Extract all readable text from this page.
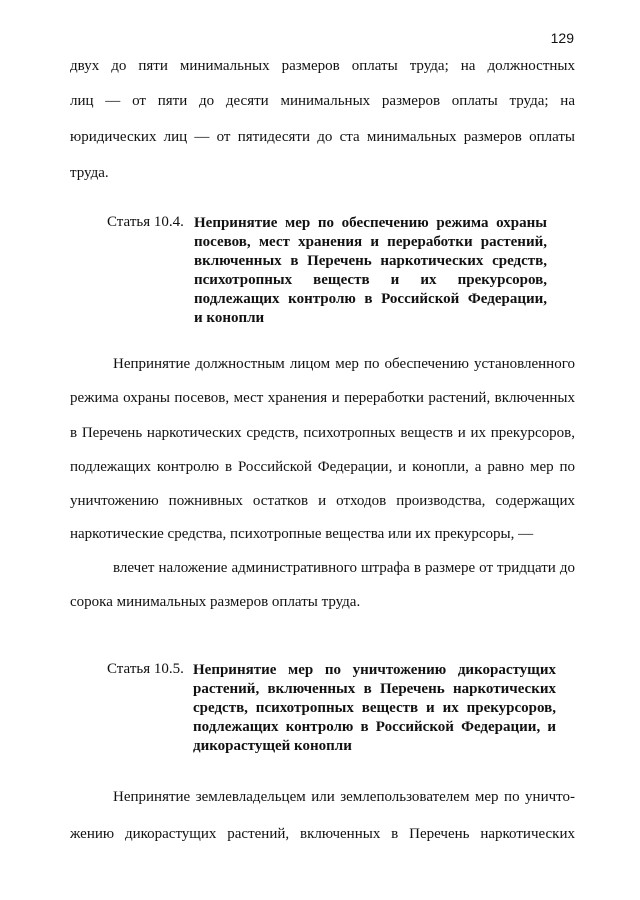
129
двух до пяти минимальных размеров оплаты труда; на должностных
лиц — от пяти до десяти минимальных размеров оплаты труда; на
юридических лиц — от пятидесяти до ста минимальных размеров оплаты
труда.
Статья 10.4. Непринятие мер по обеспечению режима охраны
посевов, мест хранения и переработки растений,
включенных в Перечень наркотических средств,
психотропных веществ и их прекурсоров,
подлежащих контролю в Российской Федерации,
и конопли
Непринятие должностным лицом мер по обеспечению установленного
режима охраны посевов, мест хранения и переработки растений, включенных
в Перечень наркотических средств, психотропных веществ и их прекурсоров,
подлежащих контролю в Российской Федерации, и конопли, а равно мер по
уничтожению пожнивных остатков и отходов производства, содержащих
наркотические средства, психотропные вещества или их прекурсоры, —
влечет наложение административного штрафа в размере от тридцати до
сорока минимальных размеров оплаты труда.
Статья 10.5. Непринятие мер по уничтожению дикорастущих
растений, включенных в Перечень наркотических
средств, психотропных веществ и их прекурсоров,
подлежащих контролю в Российской Федерации, и
дикорастущей конопли
Непринятие землевладельцем или землепользователем мер по уничто-
жению дикорастущих растений, включенных в Перечень наркотических
